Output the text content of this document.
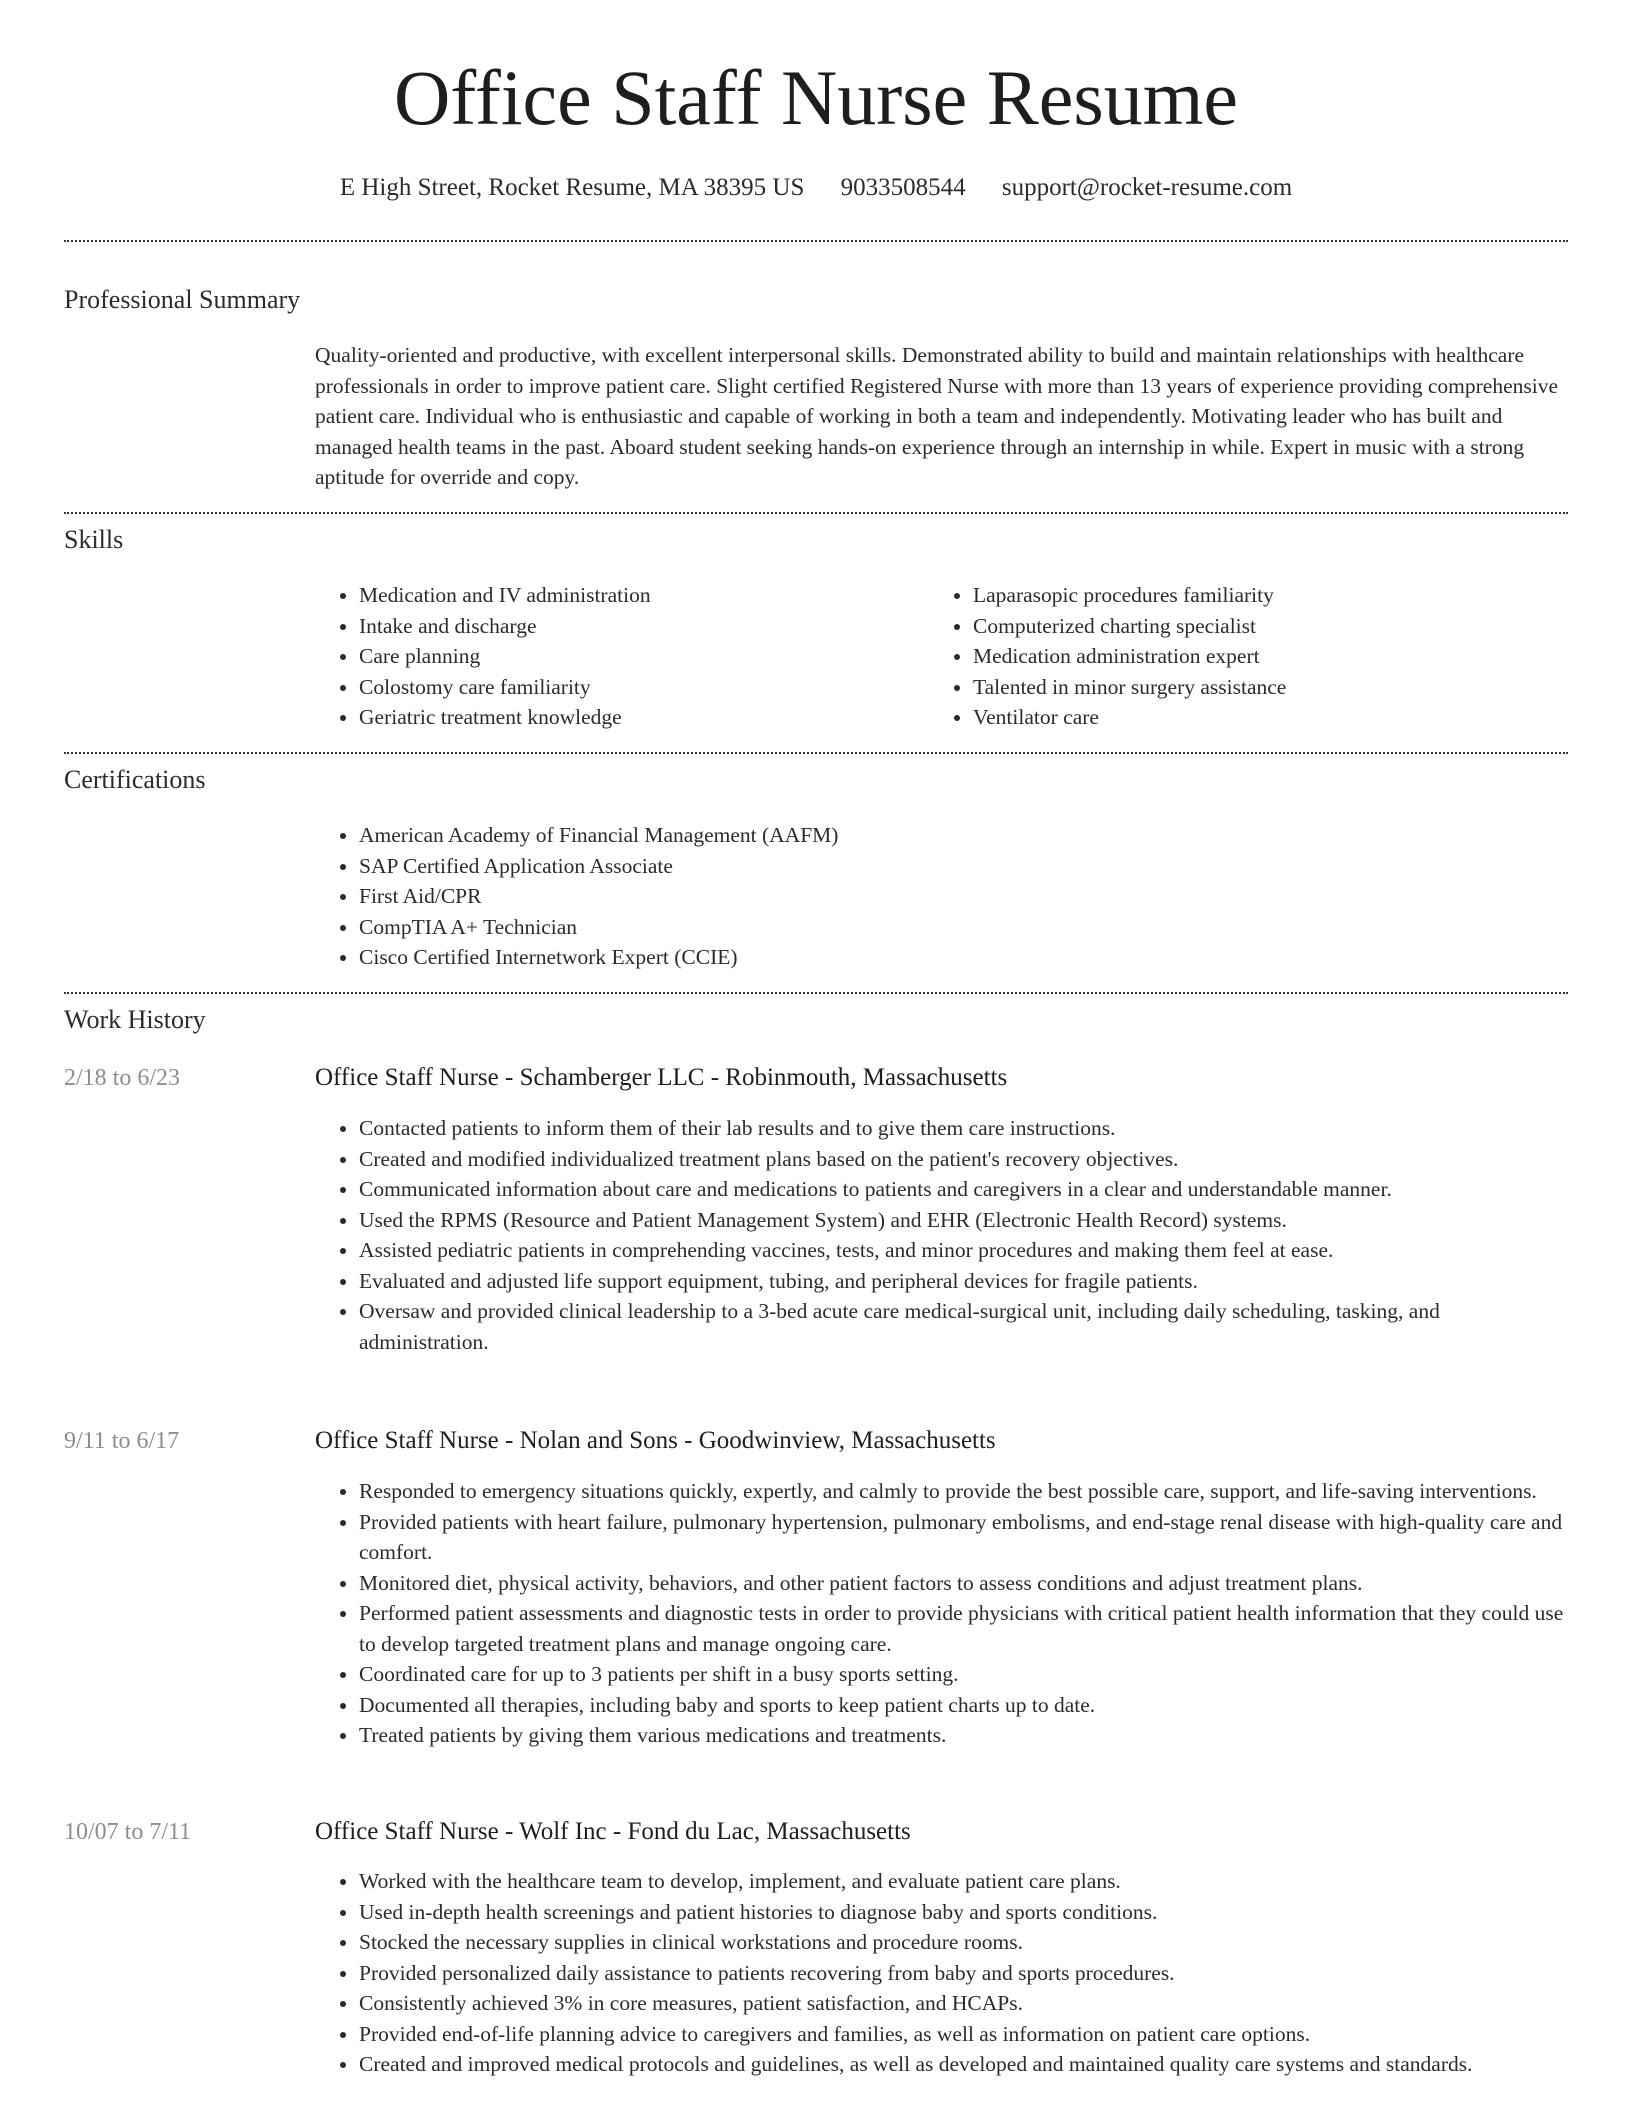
Office Staff Nurse Resume
E High Street, Rocket Resume, MA 38395 US 9033508544 support@rocket-resume.com
Professional Summary
Quality-oriented and productive, with excellent interpersonal skills. Demonstrated ability to build and maintain relationships with healthcare professionals in order to improve patient care. Slight certified Registered Nurse with more than 13 years of experience providing comprehensive patient care. Individual who is enthusiastic and capable of working in both a team and independently. Motivating leader who has built and managed health teams in the past. Aboard student seeking hands-on experience through an internship in while. Expert in music with a strong aptitude for override and copy.
Skills
• Medication and IV administration
• Intake and discharge
• Care planning
• Colostomy care familiarity
• Geriatric treatment knowledge
• Laparasopic procedures familiarity
• Computerized charting specialist
• Medication administration expert
• Talented in minor surgery assistance
• Ventilator care
Certifications
• American Academy of Financial Management (AAFM)
• SAP Certified Application Associate
• First Aid/CPR
• CompTIA A+ Technician
• Cisco Certified Internetwork Expert (CCIE)
Work History
2/18 to 6/23	Office Staff Nurse - Schamberger LLC - Robinmouth, Massachusetts
• Contacted patients to inform them of their lab results and to give them care instructions.
• Created and modified individualized treatment plans based on the patient's recovery objectives.
• Communicated information about care and medications to patients and caregivers in a clear and understandable manner.
• Used the RPMS (Resource and Patient Management System) and EHR (Electronic Health Record) systems.
• Assisted pediatric patients in comprehending vaccines, tests, and minor procedures and making them feel at ease.
• Evaluated and adjusted life support equipment, tubing, and peripheral devices for fragile patients.
• Oversaw and provided clinical leadership to a 3-bed acute care medical-surgical unit, including daily scheduling, tasking, and administration.
9/11 to 6/17	Office Staff Nurse - Nolan and Sons - Goodwinview, Massachusetts
• Responded to emergency situations quickly, expertly, and calmly to provide the best possible care, support, and life-saving interventions.
• Provided patients with heart failure, pulmonary hypertension, pulmonary embolisms, and end-stage renal disease with high-quality care and comfort.
• Monitored diet, physical activity, behaviors, and other patient factors to assess conditions and adjust treatment plans.
• Performed patient assessments and diagnostic tests in order to provide physicians with critical patient health information that they could use to develop targeted treatment plans and manage ongoing care.
• Coordinated care for up to 3 patients per shift in a busy sports setting.
• Documented all therapies, including baby and sports to keep patient charts up to date.
• Treated patients by giving them various medications and treatments.
10/07 to 7/11	Office Staff Nurse - Wolf Inc - Fond du Lac, Massachusetts
• Worked with the healthcare team to develop, implement, and evaluate patient care plans.
• Used in-depth health screenings and patient histories to diagnose baby and sports conditions.
• Stocked the necessary supplies in clinical workstations and procedure rooms.
• Provided personalized daily assistance to patients recovering from baby and sports procedures.
• Consistently achieved 3% in core measures, patient satisfaction, and HCAPs.
• Provided end-of-life planning advice to caregivers and families, as well as information on patient care options.
• Created and improved medical protocols and guidelines, as well as developed and maintained quality care systems and standards.
